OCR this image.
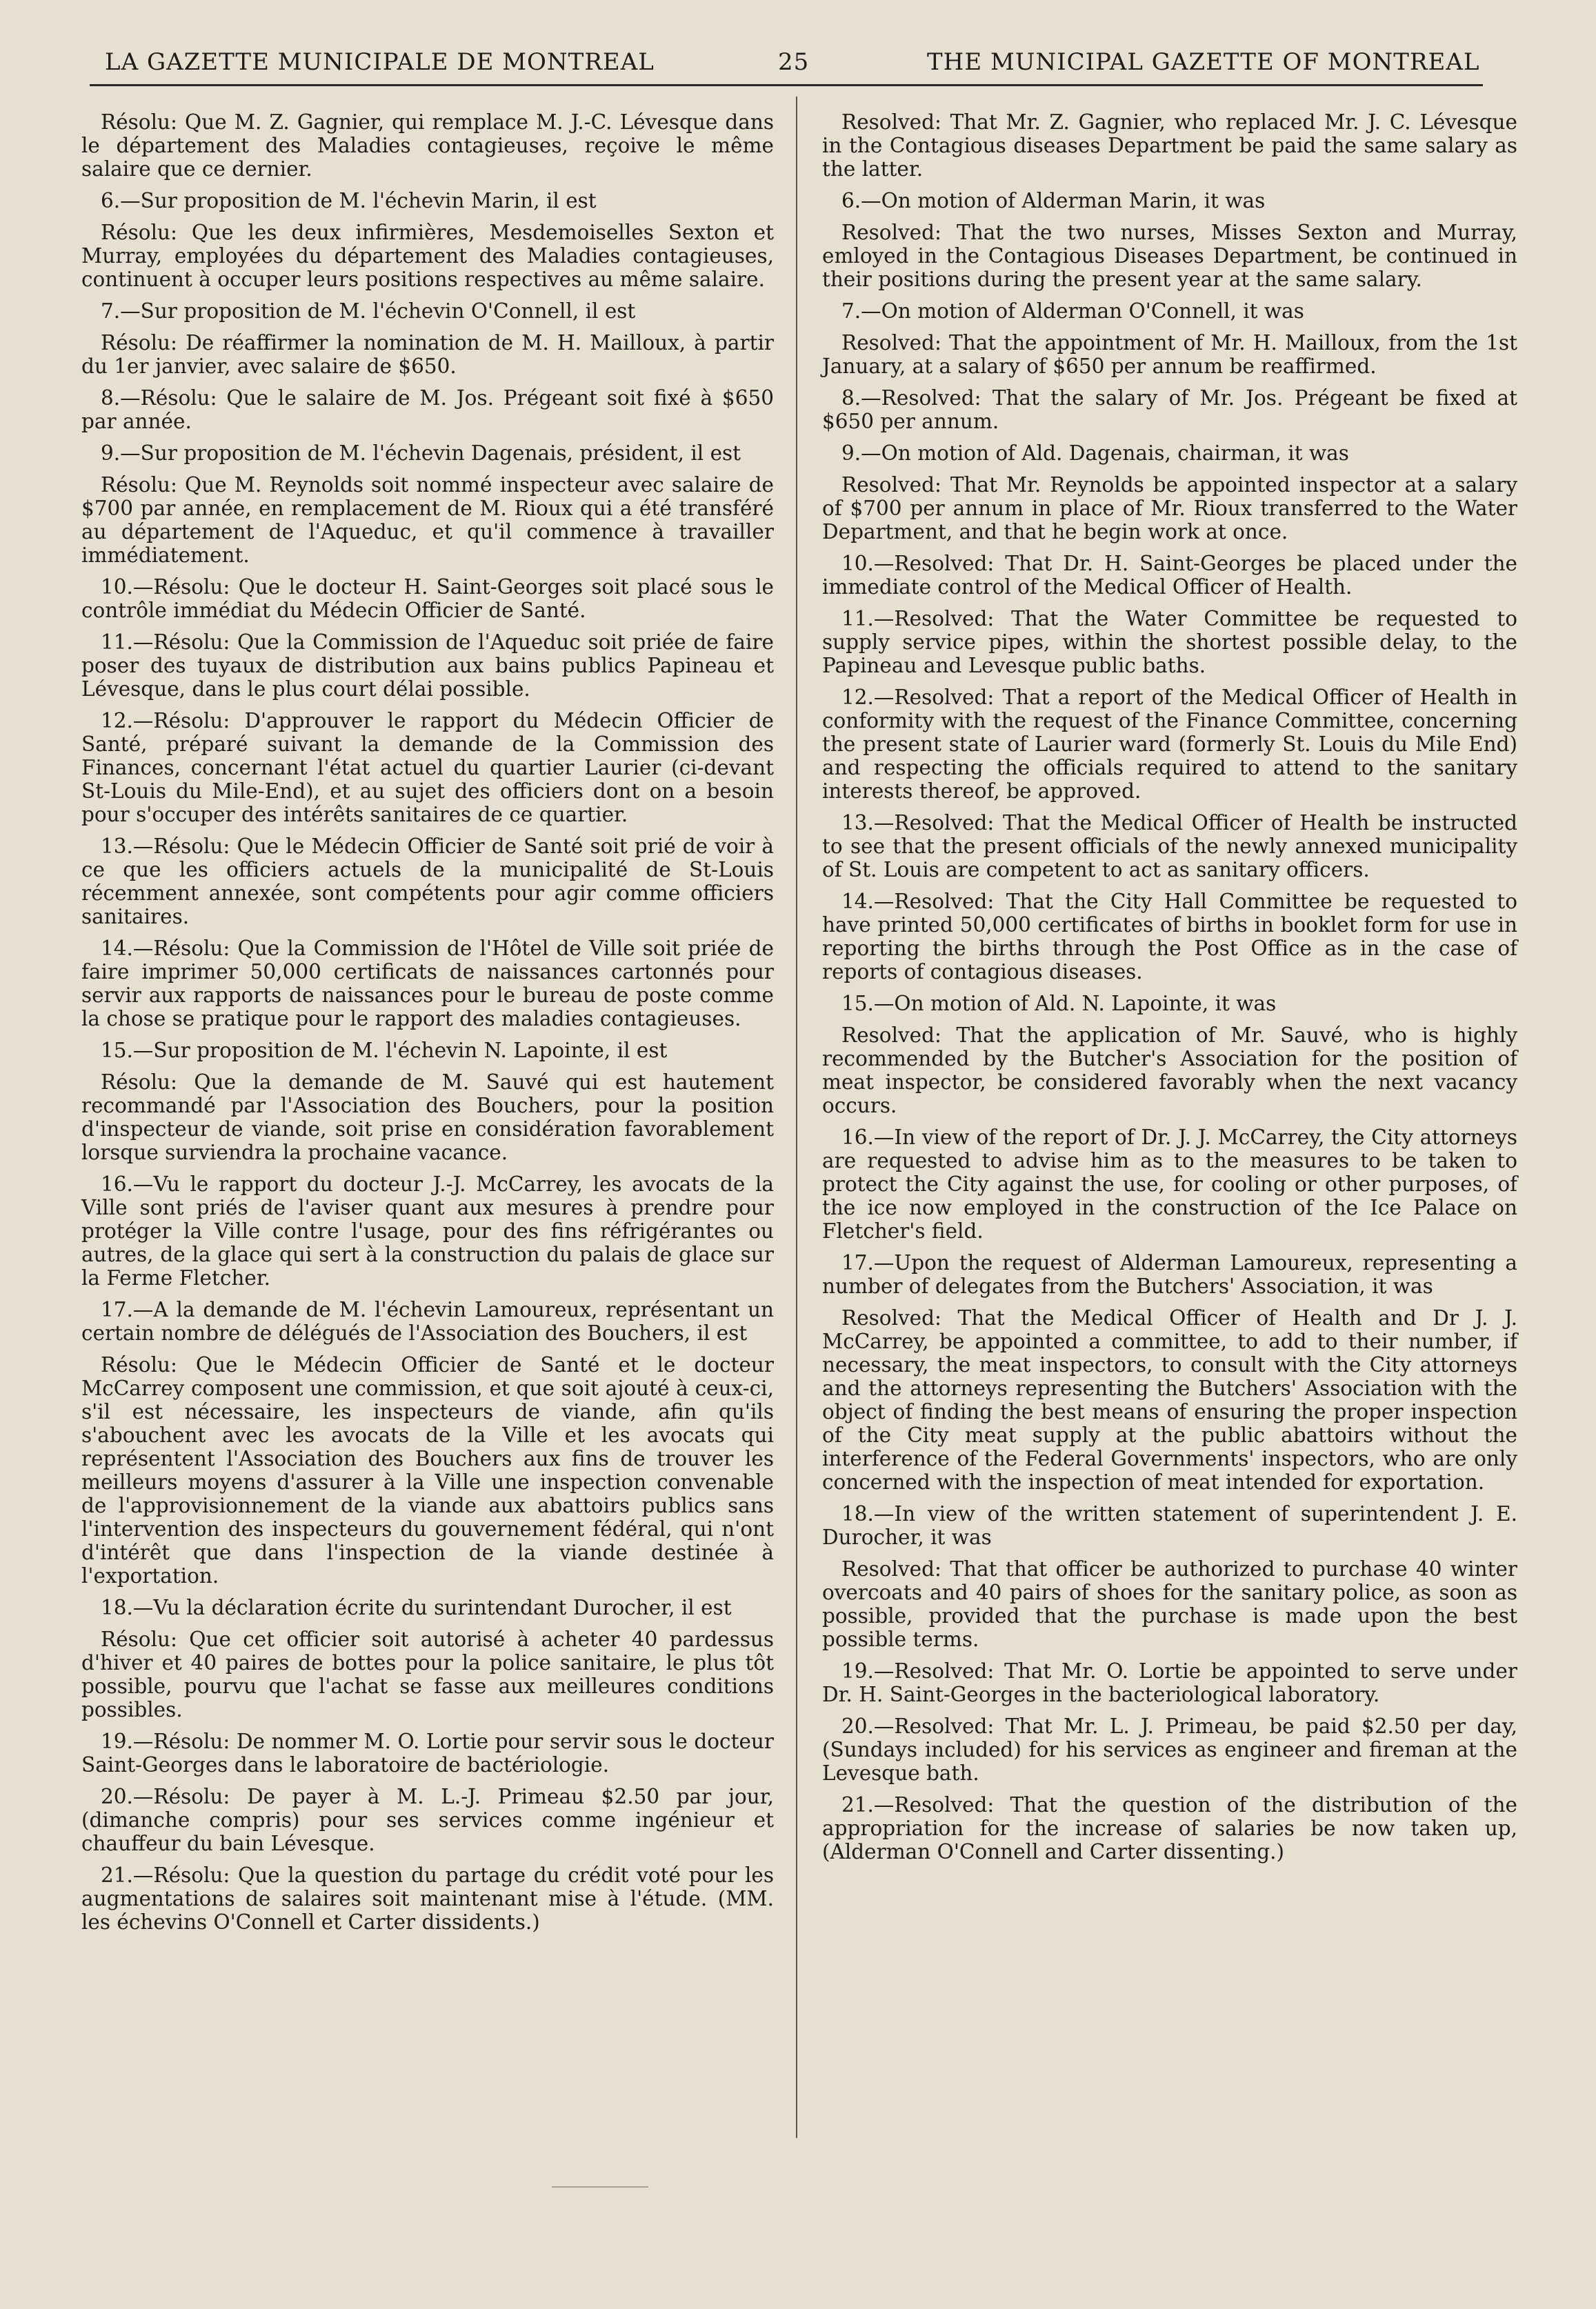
LA GAZETTE MUNICIPALE DE MONTREAL	25	THE MUNICIPAL GAZETTE OF MONTREAL

Résolu: Que M. Z. Gagnier, qui remplace M. J.-C. Lévesque dans le département des Maladies contagieuses, reçoive le même salaire que ce dernier.

6.—Sur proposition de M. l'échevin Marin, il est

Résolu: Que les deux infirmières, Mesdemoiselles Sexton et Murray, employées du département des Maladies contagieuses, continuent à occuper leurs positions respectives au même salaire.

7.—Sur proposition de M. l'échevin O'Connell, il est

Résolu: De réaffirmer la nomination de M. H. Mailloux, à partir du 1er janvier, avec salaire de $650.

8.—Résolu: Que le salaire de M. Jos. Prégeant soit fixé à $650 par année.

9.—Sur proposition de M. l'échevin Dagenais, président, il est

Résolu: Que M. Reynolds soit nommé inspecteur avec salaire de $700 par année, en remplacement de M. Rioux qui a été transféré au département de l'Aqueduc, et qu'il commence à travailler immédiatement.

10.—Résolu: Que le docteur H. Saint-Georges soit placé sous le contrôle immédiat du Médecin Officier de Santé.

11.—Résolu: Que la Commission de l'Aqueduc soit priée de faire poser des tuyaux de distribution aux bains publics Papineau et Lévesque, dans le plus court délai possible.

12.—Résolu: D'approuver le rapport du Médecin Officier de Santé, préparé suivant la demande de la Commission des Finances, concernant l'état actuel du quartier Laurier (ci-devant St-Louis du Mile-End), et au sujet des officiers dont on a besoin pour s'occuper des intérêts sanitaires de ce quartier.

13.—Résolu: Que le Médecin Officier de Santé soit prié de voir à ce que les officiers actuels de la municipalité de St-Louis récemment annexée, sont compétents pour agir comme officiers sanitaires.

14.—Résolu: Que la Commission de l'Hôtel de Ville soit priée de faire imprimer 50,000 certificats de naissances cartonnés pour servir aux rapports de naissances pour le bureau de poste comme la chose se pratique pour le rapport des maladies contagieuses.

15.—Sur proposition de M. l'échevin N. Lapointe, il est

Résolu: Que la demande de M. Sauvé qui est hautement recommandé par l'Association des Bouchers, pour la position d'inspecteur de viande, soit prise en considération favorablement lorsque surviendra la prochaine vacance.

16.—Vu le rapport du docteur J.-J. McCarrey, les avocats de la Ville sont priés de l'aviser quant aux mesures à prendre pour protéger la Ville contre l'usage, pour des fins réfrigérantes ou autres, de la glace qui sert à la construction du palais de glace sur la Ferme Fletcher.

17.—A la demande de M. l'échevin Lamoureux, représentant un certain nombre de délégués de l'Association des Bouchers, il est

Résolu: Que le Médecin Officier de Santé et le docteur McCarrey composent une commission, et que soit ajouté à ceux-ci, s'il est nécessaire, les inspecteurs de viande, afin qu'ils s'abouchent avec les avocats de la Ville et les avocats qui représentent l'Association des Bouchers aux fins de trouver les meilleurs moyens d'assurer à la Ville une inspection convenable de l'approvisionnement de la viande aux abattoirs publics sans l'intervention des inspecteurs du gouvernement fédéral, qui n'ont d'intérêt que dans l'inspection de la viande destinée à l'exportation.

18.—Vu la déclaration écrite du surintendant Durocher, il est

Résolu: Que cet officier soit autorisé à acheter 40 pardessus d'hiver et 40 paires de bottes pour la police sanitaire, le plus tôt possible, pourvu que l'achat se fasse aux meilleures conditions possibles.

19.—Résolu: De nommer M. O. Lortie pour servir sous le docteur Saint-Georges dans le laboratoire de bactériologie.

20.—Résolu: De payer à M. L.-J. Primeau $2.50 par jour, (dimanche compris) pour ses services comme ingénieur et chauffeur du bain Lévesque.

21.—Résolu: Que la question du partage du crédit voté pour les augmentations de salaires soit maintenant mise à l'étude. (MM. les échevins O'Connell et Carter dissidents.)

Resolved: That Mr. Z. Gagnier, who replaced Mr. J. C. Lévesque in the Contagious diseases Department be paid the same salary as the latter.

6.—On motion of Alderman Marin, it was

Resolved: That the two nurses, Misses Sexton and Murray, emloyed in the Contagious Diseases Department, be continued in their positions during the present year at the same salary.

7.—On motion of Alderman O'Connell, it was

Resolved: That the appointment of Mr. H. Mailloux, from the 1st January, at a salary of $650 per annum be reaffirmed.

8.—Resolved: That the salary of Mr. Jos. Prégeant be fixed at $650 per annum.

9.—On motion of Ald. Dagenais, chairman, it was

Resolved: That Mr. Reynolds be appointed inspector at a salary of $700 per annum in place of Mr. Rioux transferred to the Water Department, and that he begin work at once.

10.—Resolved: That Dr. H. Saint-Georges be placed under the immediate control of the Medical Officer of Health.

11.—Resolved: That the Water Committee be requested to supply service pipes, within the shortest possible delay, to the Papineau and Levesque public baths.

12.—Resolved: That a report of the Medical Officer of Health in conformity with the request of the Finance Committee, concerning the present state of Laurier ward (formerly St. Louis du Mile End) and respecting the officials required to attend to the sanitary interests thereof, be approved.

13.—Resolved: That the Medical Officer of Health be instructed to see that the present officials of the newly annexed municipality of St. Louis are competent to act as sanitary officers.

14.—Resolved: That the City Hall Committee be requested to have printed 50,000 certificates of births in booklet form for use in reporting the births through the Post Office as in the case of reports of contagious diseases.

15.—On motion of Ald. N. Lapointe, it was

Resolved: That the application of Mr. Sauvé, who is highly recommended by the Butcher's Association for the position of meat inspector, be considered favorably when the next vacancy occurs.

16.—In view of the report of Dr. J. J. McCarrey, the City attorneys are requested to advise him as to the measures to be taken to protect the City against the use, for cooling or other purposes, of the ice now employed in the construction of the Ice Palace on Fletcher's field.

17.—Upon the request of Alderman Lamoureux, representing a number of delegates from the Butchers' Association, it was

Resolved: That the Medical Officer of Health and Dr J. J. McCarrey, be appointed a committee, to add to their number, if necessary, the meat inspectors, to consult with the City attorneys and the attorneys representing the Butchers' Association with the object of finding the best means of ensuring the proper inspection of the City meat supply at the public abattoirs without the interference of the Federal Governments' inspectors, who are only concerned with the inspection of meat intended for exportation.

18.—In view of the written statement of superintendent J. E. Durocher, it was

Resolved: That that officer be authorized to purchase 40 winter overcoats and 40 pairs of shoes for the sanitary police, as soon as possible, provided that the purchase is made upon the best possible terms.

19.—Resolved: That Mr. O. Lortie be appointed to serve under Dr. H. Saint-Georges in the bacteriological laboratory.

20.—Resolved: That Mr. L. J. Primeau, be paid $2.50 per day, (Sundays included) for his services as engineer and fireman at the Levesque bath.

21.—Resolved: That the question of the distribution of the appropriation for the increase of salaries be now taken up, (Alderman O'Connell and Carter dissenting.)
